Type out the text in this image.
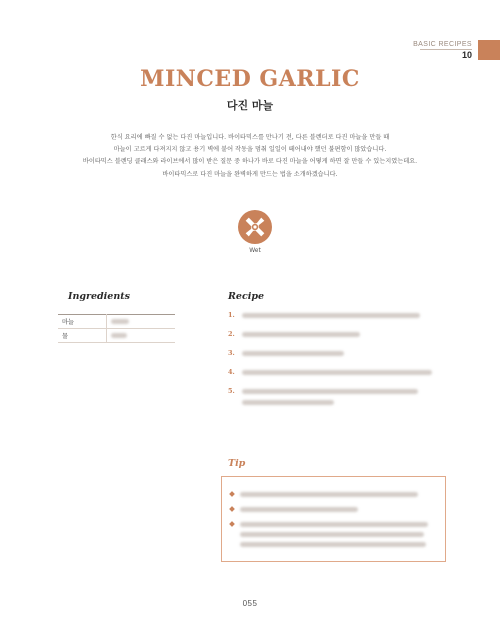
BASIC RECIPES
10
MINCED GARLIC
다진 마늘

한식 요리에 빠질 수 없는 다진 마늘입니다. 바이타믹스를 만나기 전, 다른 블렌더로 다진 마늘을 만들 때

마늘이 고르게 다져지지 않고 용기 벽에 붙어 작동을 멈춰 일일이 떼어내야 했던 불편함이 많았습니다.

바이타믹스 블렌딩 클래스와 라이브에서 많이 받은 질문 중 하나가 바로 다진 마늘을 어떻게 하면 잘 만들 수 있는지였는데요.

바이타믹스로 다진 마늘을 완벽하게 만드는 법을 소개하겠습니다.

Wet
Ingredients
마늘	
물	
Recipe
1.
2.
3.
4.
5.
Tip
055
